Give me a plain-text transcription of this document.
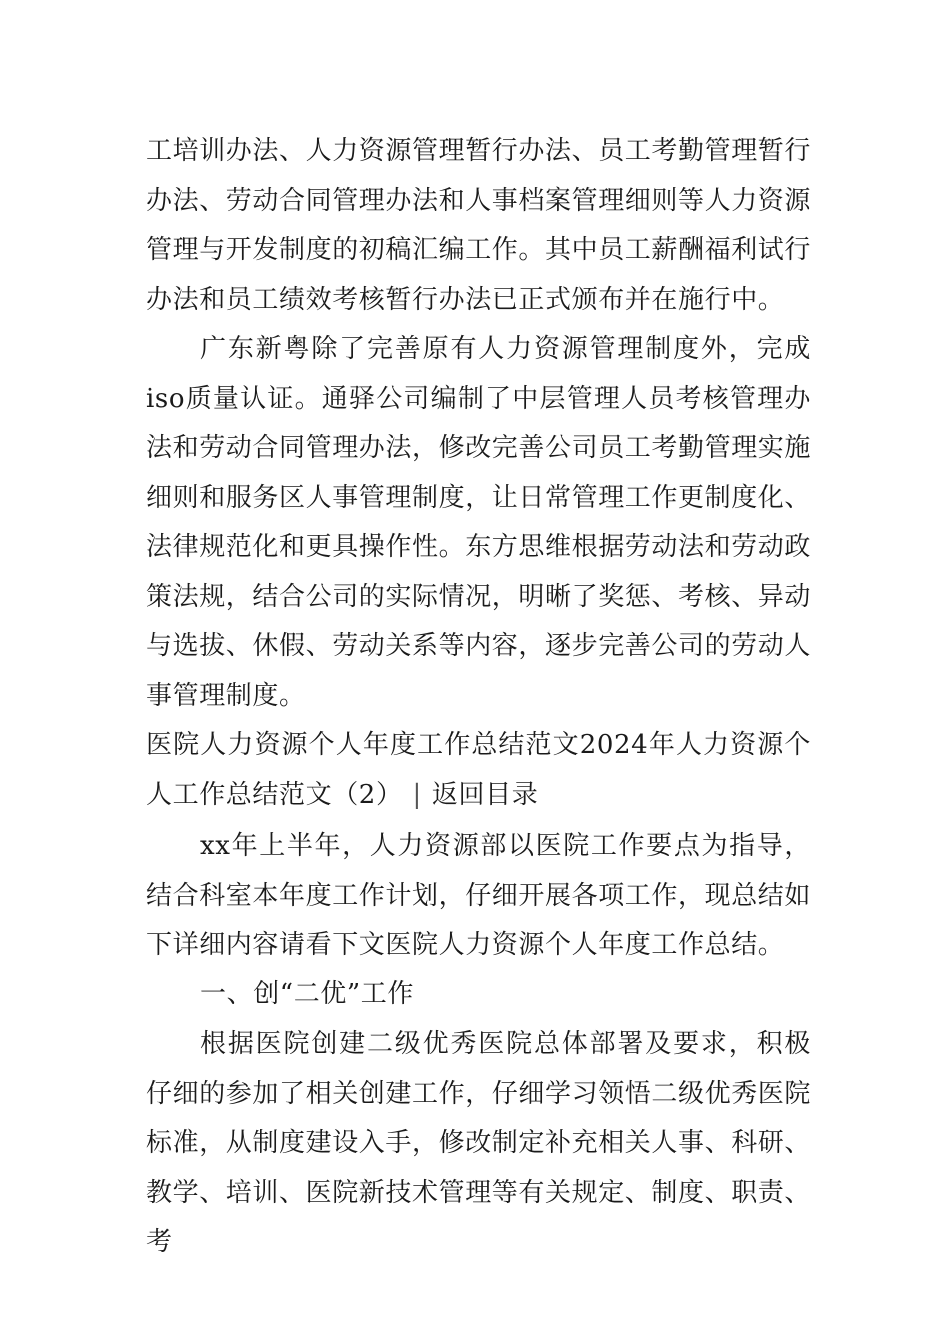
工培训办法、人力资源管理暂行办法、员工考勤管理暂行办法、劳动合同管理办法和人事档案管理细则等人力资源管理与开发制度的初稿汇编工作。其中员工薪酬福利试行办法和员工绩效考核暂行办法已正式颁布并在施行中。

广东新粤除了完善原有人力资源管理制度外，完成iso质量认证。通驿公司编制了中层管理人员考核管理办法和劳动合同管理办法，修改完善公司员工考勤管理实施细则和服务区人事管理制度，让日常管理工作更制度化、法律规范化和更具操作性。东方思维根据劳动法和劳动政策法规，结合公司的实际情况，明晰了奖惩、考核、异动与选拔、休假、劳动关系等内容，逐步完善公司的劳动人事管理制度。

医院人力资源个人年度工作总结范文2024年人力资源个人工作总结范文（2） | 返回目录

xx年上半年，人力资源部以医院工作要点为指导，结合科室本年度工作计划，仔细开展各项工作，现总结如下详细内容请看下文医院人力资源个人年度工作总结。

一、创“二优”工作

根据医院创建二级优秀医院总体部署及要求，积极仔细的参加了相关创建工作，仔细学习领悟二级优秀医院标准，从制度建设入手，修改制定补充相关人事、科研、教学、培训、医院新技术管理等有关规定、制度、职责、考
